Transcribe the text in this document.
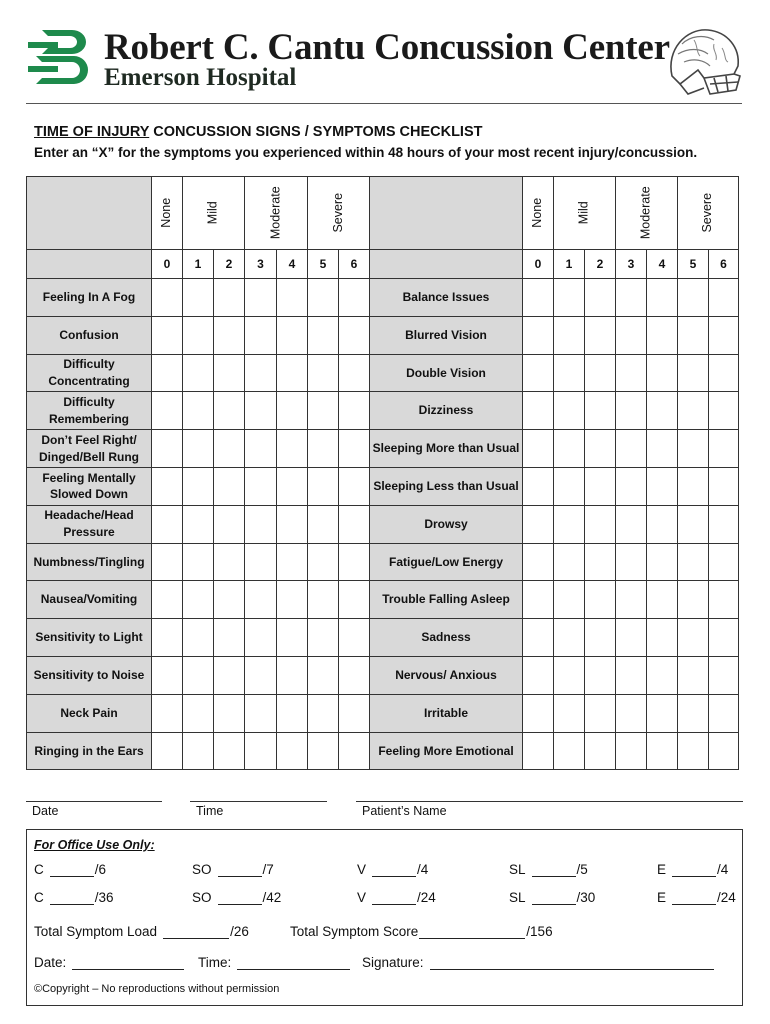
Robert C. Cantu Concussion Center
Emerson Hospital
TIME OF INJURY CONCUSSION SIGNS / SYMPTOMS CHECKLIST
Enter an “X” for the symptoms you experienced within 48 hours of your most recent injury/concussion.
	None	Mild		Moderate		Severe			None	Mild		Moderate		Severe	
	0	1	2	3	4	5	6		0	1	2	3	4	5	6
Feeling In A Fog								Balance Issues							
Confusion								Blurred Vision							
Difficulty Concentrating								Double Vision							
Difficulty Remembering								Dizziness							
Don’t Feel Right/ Dinged/Bell Rung								Sleeping More than Usual							
Feeling Mentally Slowed Down								Sleeping Less than Usual							
Headache/Head Pressure								Drowsy							
Numbness/Tingling								Fatigue/Low Energy							
Nausea/Vomiting								Trouble Falling Asleep							
Sensitivity to Light								Sadness							
Sensitivity to Noise								Nervous/ Anxious							
Neck Pain								Irritable							
Ringing in the Ears								Feeling More Emotional							
Date	Time	Patient’s Name
For Office Use Only:
C	/6	SO	/7	V	/4	SL	/5	E	/4
C	/36	SO	/42	V	/24	SL	/30	E	/24
Total Symptom Load	/26	Total Symptom Score	/156
Date:	Time:	Signature:
©Copyright – No reproductions without permission
